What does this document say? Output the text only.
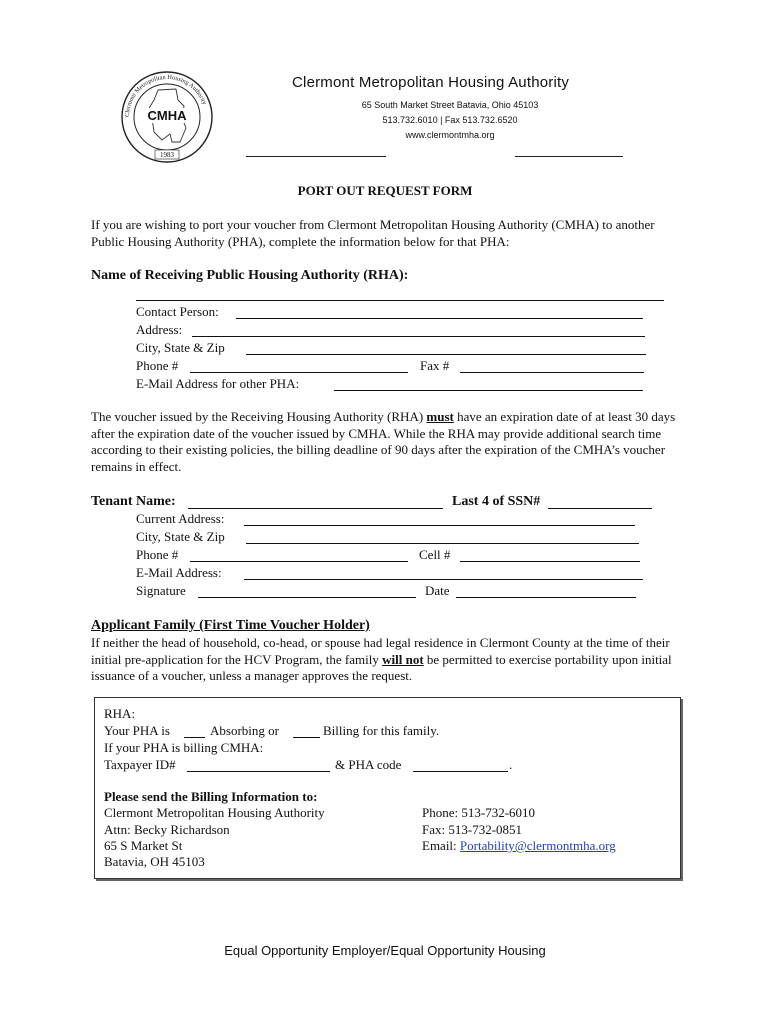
CMHA
Clermont Metropolitan Housing Authority
1983
Clermont Metropolitan Housing Authority
65 South Market Street Batavia, Ohio 45103
513.732.6010 | Fax 513.732.6520
www.clermontmha.org
PORT OUT REQUEST FORM

If you are wishing to port your voucher from Clermont Metropolitan Housing Authority (CMHA) to another Public Housing Authority (PHA), complete the information below for that PHA:

Name of Receiving Public Housing Authority (RHA):
Contact Person:
Address:
City, State & Zip
Phone #	Fax #
E-Mail Address for other PHA:

The voucher issued by the Receiving Housing Authority (RHA) must have an expiration date of at least 30 days after the expiration date of the voucher issued by CMHA. While the RHA may provide additional search time according to their existing policies, the billing deadline of 90 days after the expiration of the CMHA’s voucher remains in effect.

Tenant Name:	Last 4 of SSN#
Current Address:
City, State & Zip
Phone #	Cell #
E-Mail Address:
Signature	Date
Applicant Family (First Time Voucher Holder)

If neither the head of household, co-head, or spouse had legal residence in Clermont County at the time of their initial pre-application for the HCV Program, the family will not be permitted to exercise portability upon initial issuance of a voucher, unless a manager approves the request.

RHA:
Your PHA is	Absorbing or	Billing for this family.
If your PHA is billing CMHA:
Taxpayer ID#	& PHA code	.
Please send the Billing Information to:
Clermont Metropolitan Housing Authority
Attn: Becky Richardson
65 S Market St
Batavia, OH 45103
Phone: 513-732-6010
Fax: 513-732-0851
Email: Portability@clermontmha.org
Equal Opportunity Employer/Equal Opportunity Housing
